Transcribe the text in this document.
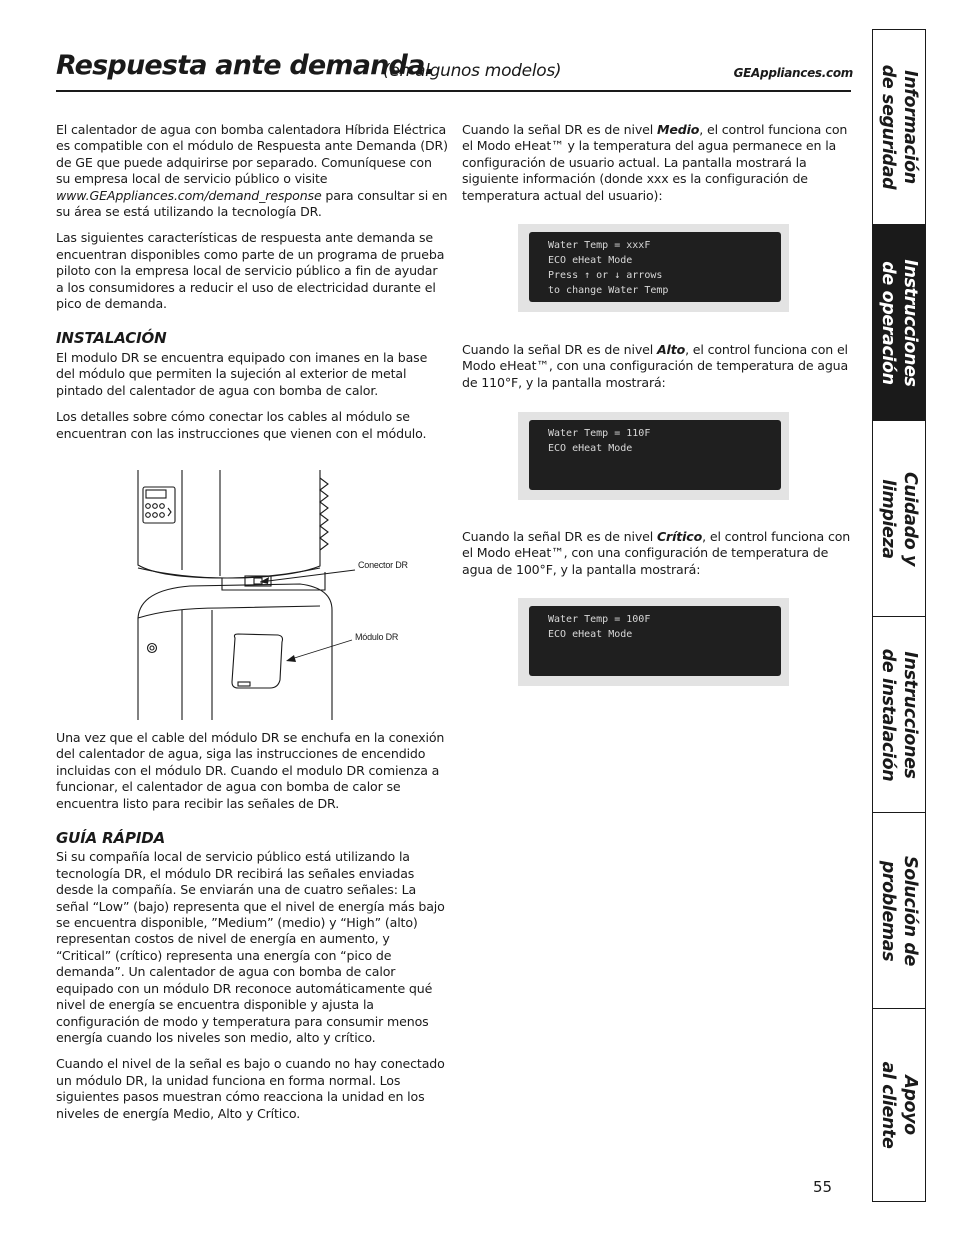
Respuesta ante demanda.
(en algunos modelos)	GEAppliances.com

El calentador de agua con bomba calentadora Híbrida Eléctrica es compatible con el módulo de Respuesta ante Demanda (DR) de GE que puede adquirirse por separado. Comuníquese con su empresa local de servicio público o visite www.GEAppliances.com/demand_response para consultar si en su área se está utilizando la tecnología DR.

Las siguientes características de respuesta ante demanda se encuentran disponibles como parte de un programa de prueba piloto con la empresa local de servicio público a fin de ayudar a los consumidores a reducir el uso de electricidad durante el pico de demanda.

INSTALACIÓN

El modulo DR se encuentra equipado con imanes en la base del módulo que permiten la sujeción al exterior de metal pintado del calentador de agua con bomba de calor.

Los detalles sobre cómo conectar los cables al módulo se encuentran con las instrucciones que vienen con el módulo.

Conector DR
Módulo DR

Una vez que el cable del módulo DR se enchufa en la conexión del calentador de agua, siga las instrucciones de encendido incluidas con el módulo DR. Cuando el modulo DR comienza a funcionar, el calentador de agua con bomba de calor se encuentra listo para recibir las señales de DR.

GUÍA RÁPIDA

Si su compañía local de servicio público está utilizando la tecnología DR, el módulo DR recibirá las señales enviadas desde la compañía. Se enviarán una de cuatro señales: La señal “Low” (bajo) representa que el nivel de energía más bajo se encuentra disponible, ”Medium” (medio) y “High” (alto) representan costos de nivel de energía en aumento, y “Critical” (crítico) representa una energía con “pico de demanda”. Un calentador de agua con bomba de calor equipado con un módulo DR reconoce automáticamente qué nivel de energía se encuentra disponible y ajusta la configuración de modo y temperatura para consumir menos energía cuando los niveles son medio, alto y crítico.

Cuando el nivel de la señal es bajo o cuando no hay conectado un módulo DR, la unidad funciona en forma normal. Los siguientes pasos muestran cómo reacciona la unidad en los niveles de energía Medio, Alto y Crítico.

Cuando la señal DR es de nivel Medio, el control funciona con el Modo eHeat™ y la temperatura del agua permanece en la configuración de usuario actual. La pantalla mostrará la siguiente información (donde xxx es la configuración de temperatura actual del usuario):

Water Temp = xxxF
ECO eHeat Mode
Press ↑ or ↓ arrows
to change Water Temp

Cuando la señal DR es de nivel Alto, el control funciona con el Modo eHeat™, con una configuración de temperatura de agua de 110°F, y la pantalla mostrará:

Water Temp = 110F
ECO eHeat Mode

Cuando la señal DR es de nivel Crítico, el control funciona con el Modo eHeat™, con una configuración de temperatura de agua de 100°F, y la pantalla mostrará:

Water Temp = 100F
ECO eHeat Mode
Información
de seguridad
Instrucciones
de operación
Cuidado y
limpieza
Instrucciones
de instalación
Solución de
problemas
Apoyo
al cliente
55
